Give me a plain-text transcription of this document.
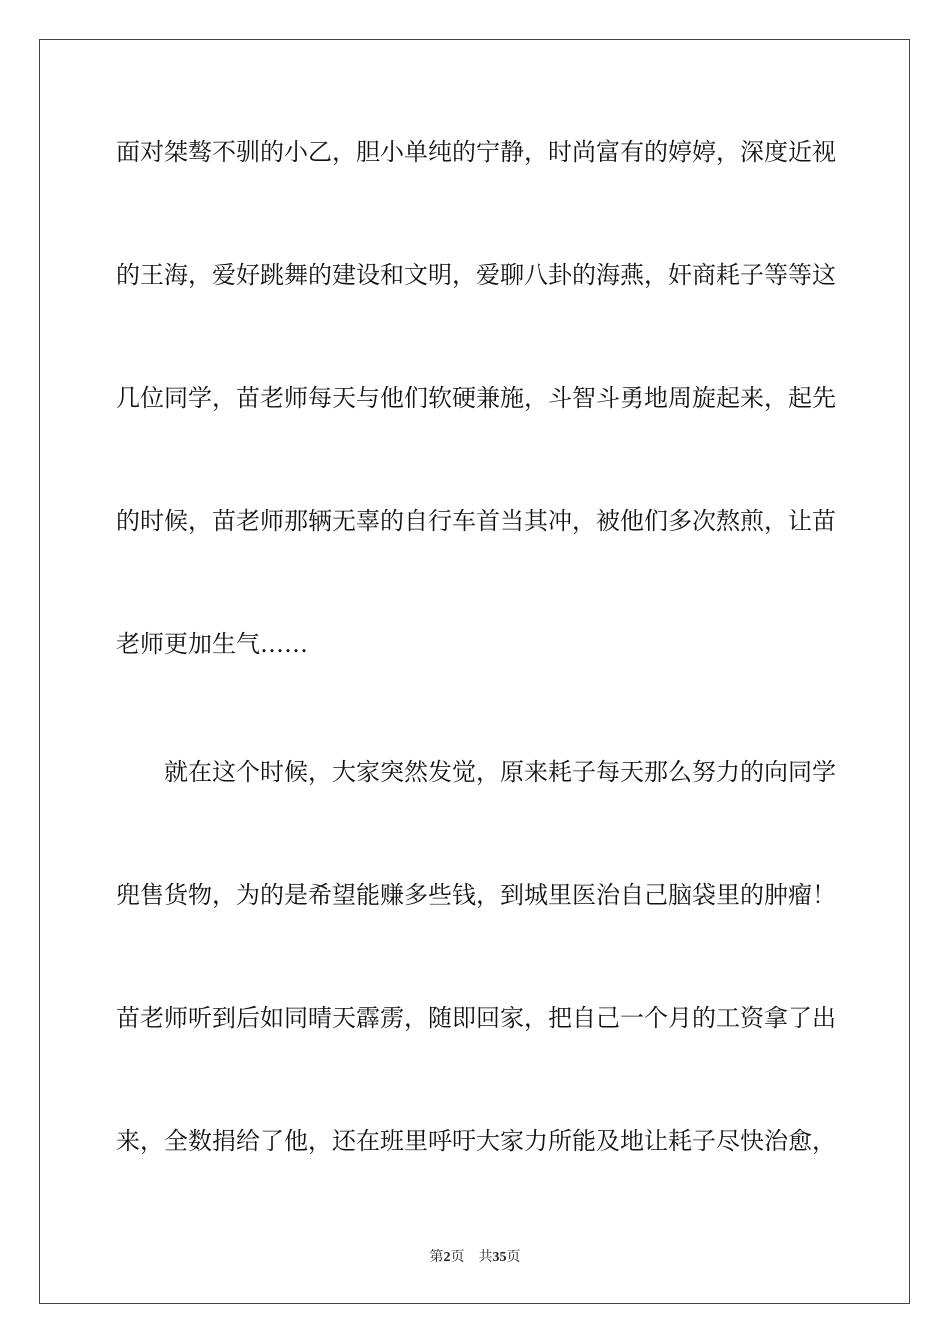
面对桀骜不驯的小乙，胆小单纯的宁静，时尚富有的婷婷，深度近视
的王海，爱好跳舞的建设和文明，爱聊八卦的海燕，奸商耗子等等这
几位同学，苗老师每天与他们软硬兼施，斗智斗勇地周旋起来，起先
的时候，苗老师那辆无辜的自行车首当其冲，被他们多次熬煎，让苗
老师更加生气……
就在这个时候，大家突然发觉，原来耗子每天那么努力的向同学
兜售货物，为的是希望能赚多些钱，到城里医治自己脑袋里的肿瘤！
苗老师听到后如同晴天霹雳，随即回家，把自己一个月的工资拿了出
来，全数捐给了他，还在班里呼吁大家力所能及地让耗子尽快治愈，
第2页 共35页
